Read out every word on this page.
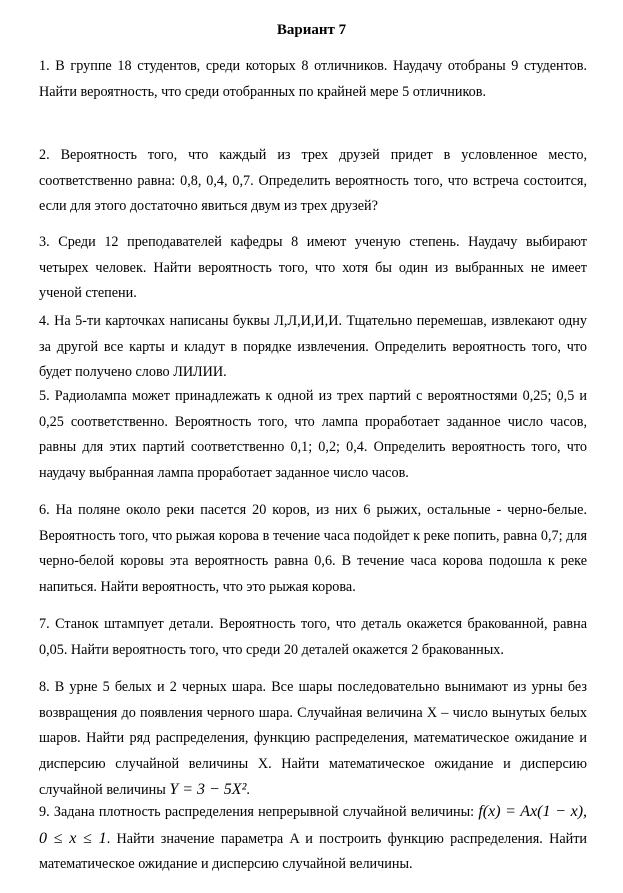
Вариант 7

1. В группе 18 студентов, среди которых 8 отличников. Наудачу отобраны 9 студентов. Найти вероятность, что среди отобранных по крайней мере 5 отличников.

2. Вероятность того, что каждый из трех друзей придет в условленное место, соответственно равна: 0,8, 0,4, 0,7. Определить вероятность того, что встреча состоится, если для этого достаточно явиться двум из трех друзей?

3. Среди 12 преподавателей кафедры 8 имеют ученую степень. Наудачу выбирают четырех человек. Найти вероятность того, что хотя бы один из выбранных не имеет ученой степени.

4. На 5-ти карточках написаны буквы Л,Л,И,И,И. Тщательно перемешав, извлекают одну за другой все карты и кладут в порядке извлечения. Определить вероятность того, что будет получено слово ЛИЛИИ.

5. Радиолампа может принадлежать к одной из трех партий с вероятностями 0,25; 0,5 и 0,25 соответственно. Вероятность того, что лампа проработает заданное число часов, равны для этих партий соответственно 0,1; 0,2; 0,4. Определить вероятность того, что наудачу выбранная лампа проработает заданное число часов.

6. На поляне около реки пасется 20 коров, из них 6 рыжих, остальные - черно-белые. Вероятность того, что рыжая корова в течение часа подойдет к реке попить, равна 0,7; для черно-белой коровы эта вероятность равна 0,6. В течение часа корова подошла к реке напиться. Найти вероятность, что это рыжая корова.

7. Станок штампует детали. Вероятность того, что деталь окажется бракованной, равна 0,05. Найти вероятность того, что среди 20 деталей окажется 2 бракованных.

8. В урне 5 белых и 2 черных шара. Все шары последовательно вынимают из урны без возвращения до появления черного шара. Случайная величина X – число вынутых белых шаров. Найти ряд распределения, функцию распределения, математическое ожидание и дисперсию случайной величины X. Найти математическое ожидание и дисперсию случайной величины Y = 3 − 5X².

9. Задана плотность распределения непрерывной случайной величины: f(x) = Ax(1 − x), 0 ≤ x ≤ 1. Найти значение параметра A и построить функцию распределения. Найти математическое ожидание и дисперсию случайной величины.
